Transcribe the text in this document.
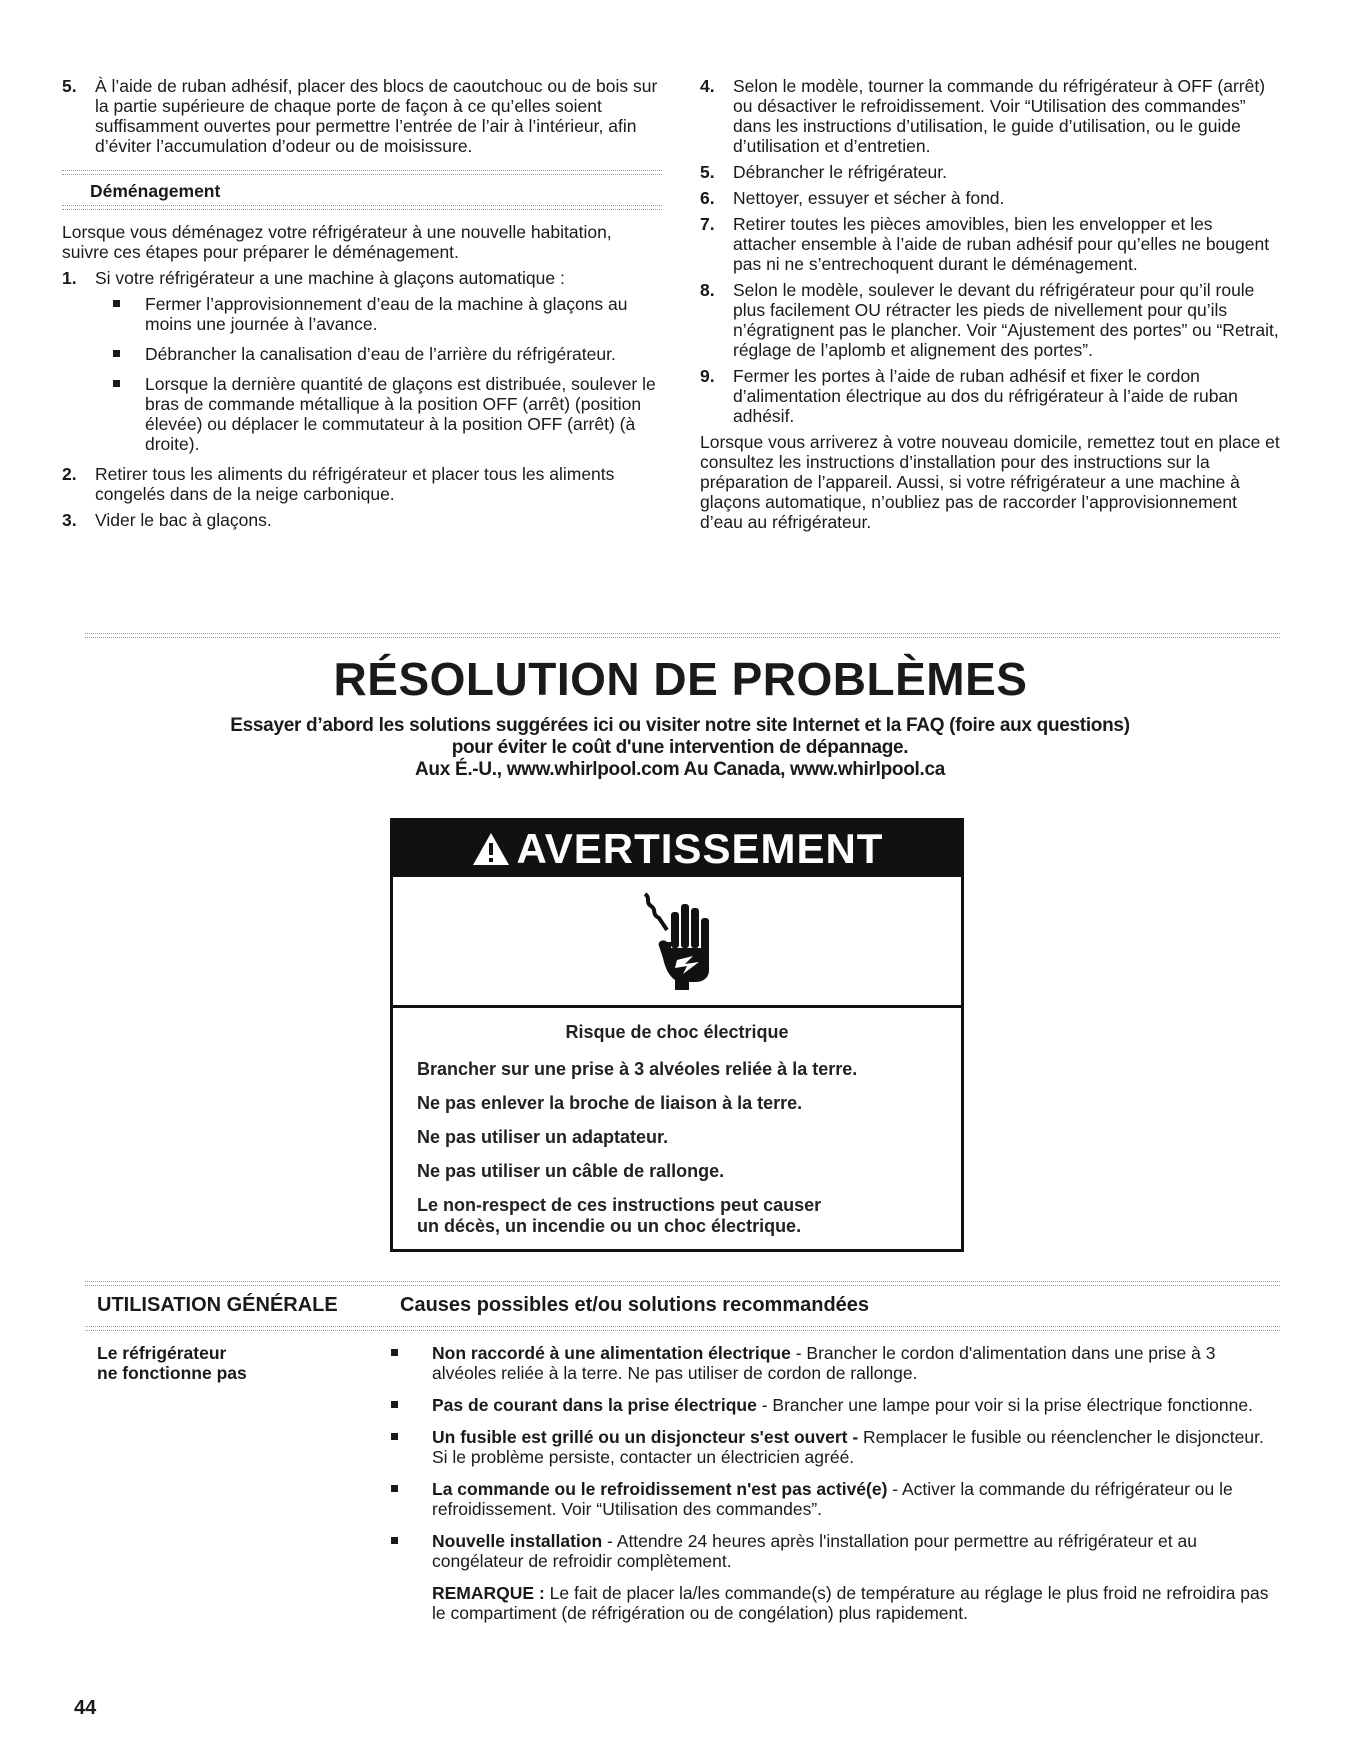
5. À l’aide de ruban adhésif, placer des blocs de caoutchouc ou de bois sur la partie supérieure de chaque porte de façon à ce qu’elles soient suffisamment ouvertes pour permettre l’entrée de l’air à l’intérieur, afin d’éviter l’accumulation d’odeur ou de moisissure.
Déménagement

Lorsque vous déménagez votre réfrigérateur à une nouvelle habitation, suivre ces étapes pour préparer le déménagement.

1. Si votre réfrigérateur a une machine à glaçons automatique :
Fermer l’approvisionnement d’eau de la machine à glaçons au moins une journée à l’avance.
Débrancher la canalisation d’eau de l’arrière du réfrigérateur.
Lorsque la dernière quantité de glaçons est distribuée, soulever le bras de commande métallique à la position OFF (arrêt) (position élevée) ou déplacer le commutateur à la position OFF (arrêt) (à droite).
2. Retirer tous les aliments du réfrigérateur et placer tous les aliments congelés dans de la neige carbonique.
3. Vider le bac à glaçons.
4. Selon le modèle, tourner la commande du réfrigérateur à OFF (arrêt) ou désactiver le refroidissement. Voir “Utilisation des commandes” dans les instructions d’utilisation, le guide d’utilisation, ou le guide d’utilisation et d’entretien.
5. Débrancher le réfrigérateur.
6. Nettoyer, essuyer et sécher à fond.
7. Retirer toutes les pièces amovibles, bien les envelopper et les attacher ensemble à l’aide de ruban adhésif pour qu’elles ne bougent pas ni ne s’entrechoquent durant le déménagement.
8. Selon le modèle, soulever le devant du réfrigérateur pour qu’il roule plus facilement OU rétracter les pieds de nivellement pour qu’ils n’égratignent pas le plancher. Voir “Ajustement des portes” ou “Retrait, réglage de l’aplomb et alignement des portes”.
9. Fermer les portes à l’aide de ruban adhésif et fixer le cordon d’alimentation électrique au dos du réfrigérateur à l’aide de ruban adhésif.

Lorsque vous arriverez à votre nouveau domicile, remettez tout en place et consultez les instructions d’installation pour des instructions sur la préparation de l’appareil. Aussi, si votre réfrigérateur a une machine à glaçons automatique, n’oubliez pas de raccorder l’approvisionnement d’eau au réfrigérateur.

RÉSOLUTION DE PROBLÈMES
Essayer d’abord les solutions suggérées ici ou visiter notre site Internet et la FAQ (foire aux questions)
pour éviter le coût d'une intervention de dépannage.
Aux É.-U., www.whirlpool.com Au Canada, www.whirlpool.ca
AVERTISSEMENT
Risque de choc électrique
Brancher sur une prise à 3 alvéoles reliée à la terre.
Ne pas enlever la broche de liaison à la terre.
Ne pas utiliser un adaptateur.
Ne pas utiliser un câble de rallonge.
Le non-respect de ces instructions peut causer
un décès, un incendie ou un choc électrique.
UTILISATION GÉNÉRALE	Causes possibles et/ou solutions recommandées
Le réfrigérateur
ne fonctionne pas
Non raccordé à une alimentation électrique - Brancher le cordon d'alimentation dans une prise à 3 alvéoles reliée à la terre. Ne pas utiliser de cordon de rallonge.
Pas de courant dans la prise électrique - Brancher une lampe pour voir si la prise électrique fonctionne.
Un fusible est grillé ou un disjoncteur s'est ouvert - Remplacer le fusible ou réenclencher le disjoncteur. Si le problème persiste, contacter un électricien agréé.
La commande ou le refroidissement n'est pas activé(e) - Activer la commande du réfrigérateur ou le refroidissement. Voir “Utilisation des commandes”.
Nouvelle installation - Attendre 24 heures après l'installation pour permettre au réfrigérateur et au congélateur de refroidir complètement.
REMARQUE : Le fait de placer la/les commande(s) de température au réglage le plus froid ne refroidira pas le compartiment (de réfrigération ou de congélation) plus rapidement.
44
